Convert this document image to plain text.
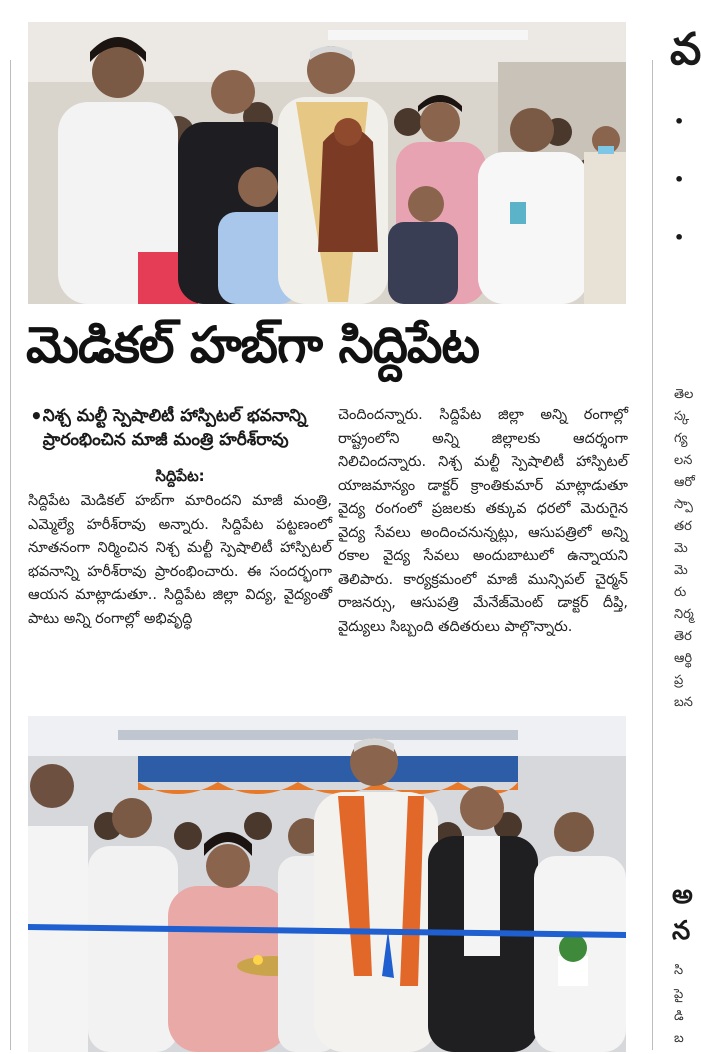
మెడికల్ హబ్‌గా సిద్దిపేట
• నిశ్చ మల్టీ స్పెషాలిటీ హాస్పిటల్ భవనాన్ని ప్రారంభించిన మాజీ మంత్రి హరీశ్‌రావు
సిద్దిపేట:
సిద్దిపేట మెడికల్ హబ్‌గా మారిందని మాజీ మంత్రి, ఎమ్మెల్యే హరీశ్‌రావు అన్నారు. సిద్దిపేట పట్టణంలో నూతనంగా నిర్మించిన నిశ్చ మల్టీ స్పెషాలిటీ హాస్పిటల్ భవనాన్ని హరీశ్‌రావు ప్రారంభించారు. ఈ సందర్భంగా ఆయన మాట్లాడుతూ.. సిద్దిపేట జిల్లా విద్య, వైద్యంతో పాటు అన్ని రంగాల్లో అభివృద్ధి
చెందిందన్నారు. సిద్దిపేట జిల్లా అన్ని రంగాల్లో రాష్ట్రంలోని అన్ని జిల్లాలకు ఆదర్శంగా నిలిచిందన్నారు. నిశ్చ మల్టీ స్పెషాలిటీ హాస్పిటల్ యాజమాన్యం డాక్టర్ క్రాంతికుమార్ మాట్లాడుతూ వైద్య రంగంలో ప్రజలకు తక్కువ ధరలో మెరుగైన వైద్య సేవలు అందించనున్నట్లు, ఆసుపత్రిలో అన్ని రకాల వైద్య సేవలు అందుబాటులో ఉన్నాయని తెలిపారు. కార్యక్రమంలో మాజీ మున్సిపల్ చైర్మన్ రాజనర్సు, ఆసుపత్రి మేనేజ్‌మెంట్ డాక్టర్ దీప్తి, వైద్యులు సిబ్బంది తదితరులు పాల్గొన్నారు.
వ
•
•
•
తెల
స్క
గ్య
లన
ఆరో
స్పా
తర
మె
మె
రు
నిర్మ
తెర
ఆర్థి
ప్ర
బన
అ
న
సి
పై
డి
బ
